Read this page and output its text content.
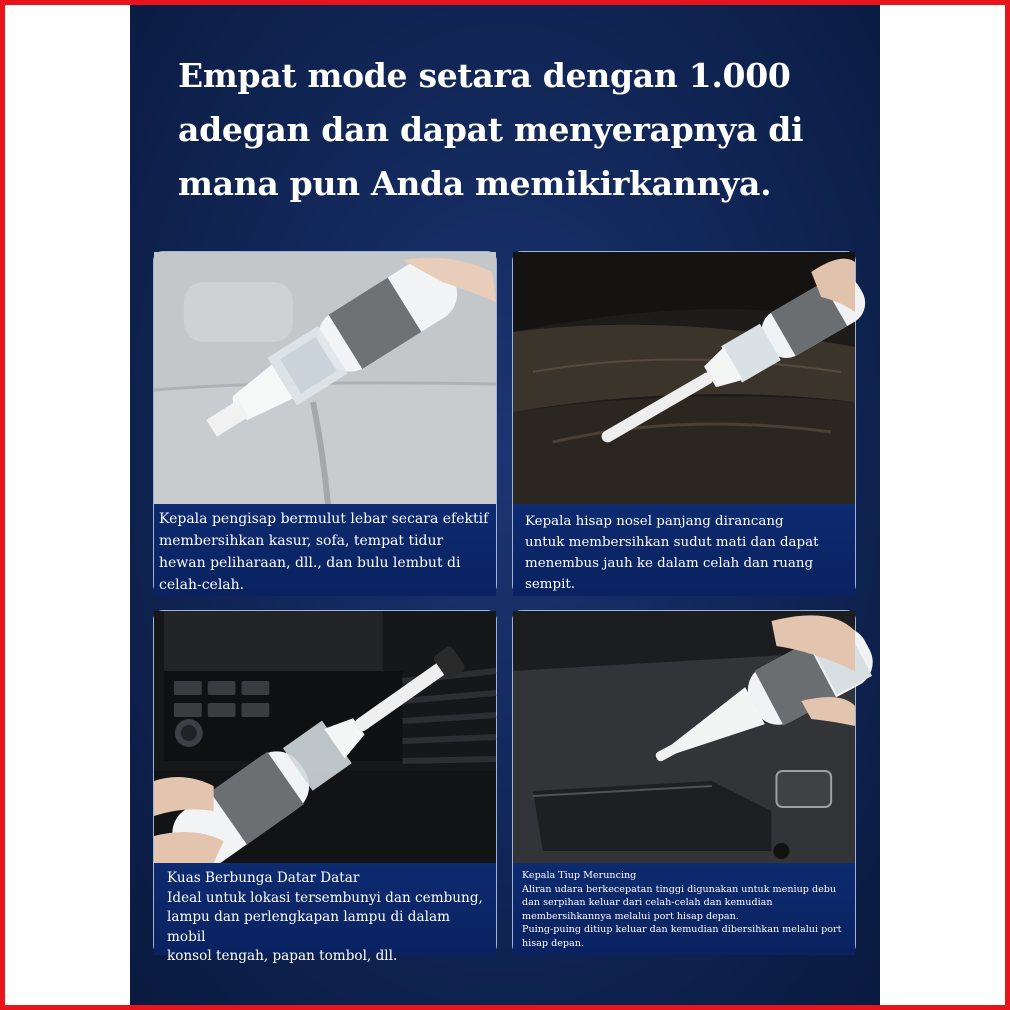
Empat mode setara dengan 1.000
adegan dan dapat menyerapnya di
mana pun Anda memikirkannya.

Kepala pengisap bermulut lebar secara efektif

membersihkan kasur, sofa, tempat tidur

hewan peliharaan, dll., dan bulu lembut di

celah-celah.

Kepala hisap nosel panjang dirancang

untuk membersihkan sudut mati dan dapat

menembus jauh ke dalam celah dan ruang

sempit.

Kuas Berbunga Datar Datar

Ideal untuk lokasi tersembunyi dan cembung,

lampu dan perlengkapan lampu di dalam mobil

konsol tengah, papan tombol, dll.

Kepala Tiup Meruncing

Aliran udara berkecepatan tinggi digunakan untuk meniup debu

dan serpihan keluar dari celah-celah dan kemudian

membersihkannya melalui port hisap depan.

Puing-puing ditiup keluar dan kemudian dibersihkan melalui port

hisap depan.
